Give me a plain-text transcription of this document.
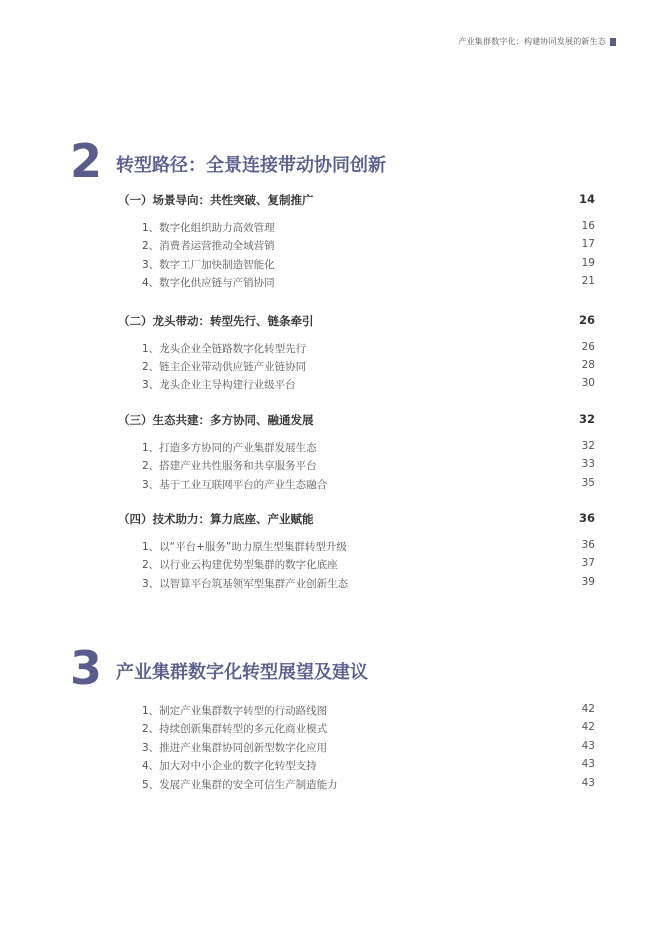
产业集群数字化：构建协同发展的新生态
2 转型路径：全景连接带动协同创新
（一）场景导向：共性突破、复制推广	14
1、数字化组织助力高效管理	16
2、消费者运营推动全域营销	17
3、数字工厂加快制造智能化	19
4、数字化供应链与产销协同	21
（二）龙头带动：转型先行、链条牵引	26
1、龙头企业全链路数字化转型先行	26
2、链主企业带动供应链产业链协同	28
3、龙头企业主导构建行业级平台	30
（三）生态共建：多方协同、融通发展	32
1、打造多方协同的产业集群发展生态	32
2、搭建产业共性服务和共享服务平台	33
3、基于工业互联网平台的产业生态融合	35
（四）技术助力：算力底座、产业赋能	36
1、以“平台+服务”助力原生型集群转型升级	36
2、以行业云构建优势型集群的数字化底座	37
3、以智算平台筑基领军型集群产业创新生态	39
3 产业集群数字化转型展望及建议
1、制定产业集群数字转型的行动路线图	42
2、持续创新集群转型的多元化商业模式	42
3、推进产业集群协同创新型数字化应用	43
4、加大对中小企业的数字化转型支持	43
5、发展产业集群的安全可信生产制造能力	43
